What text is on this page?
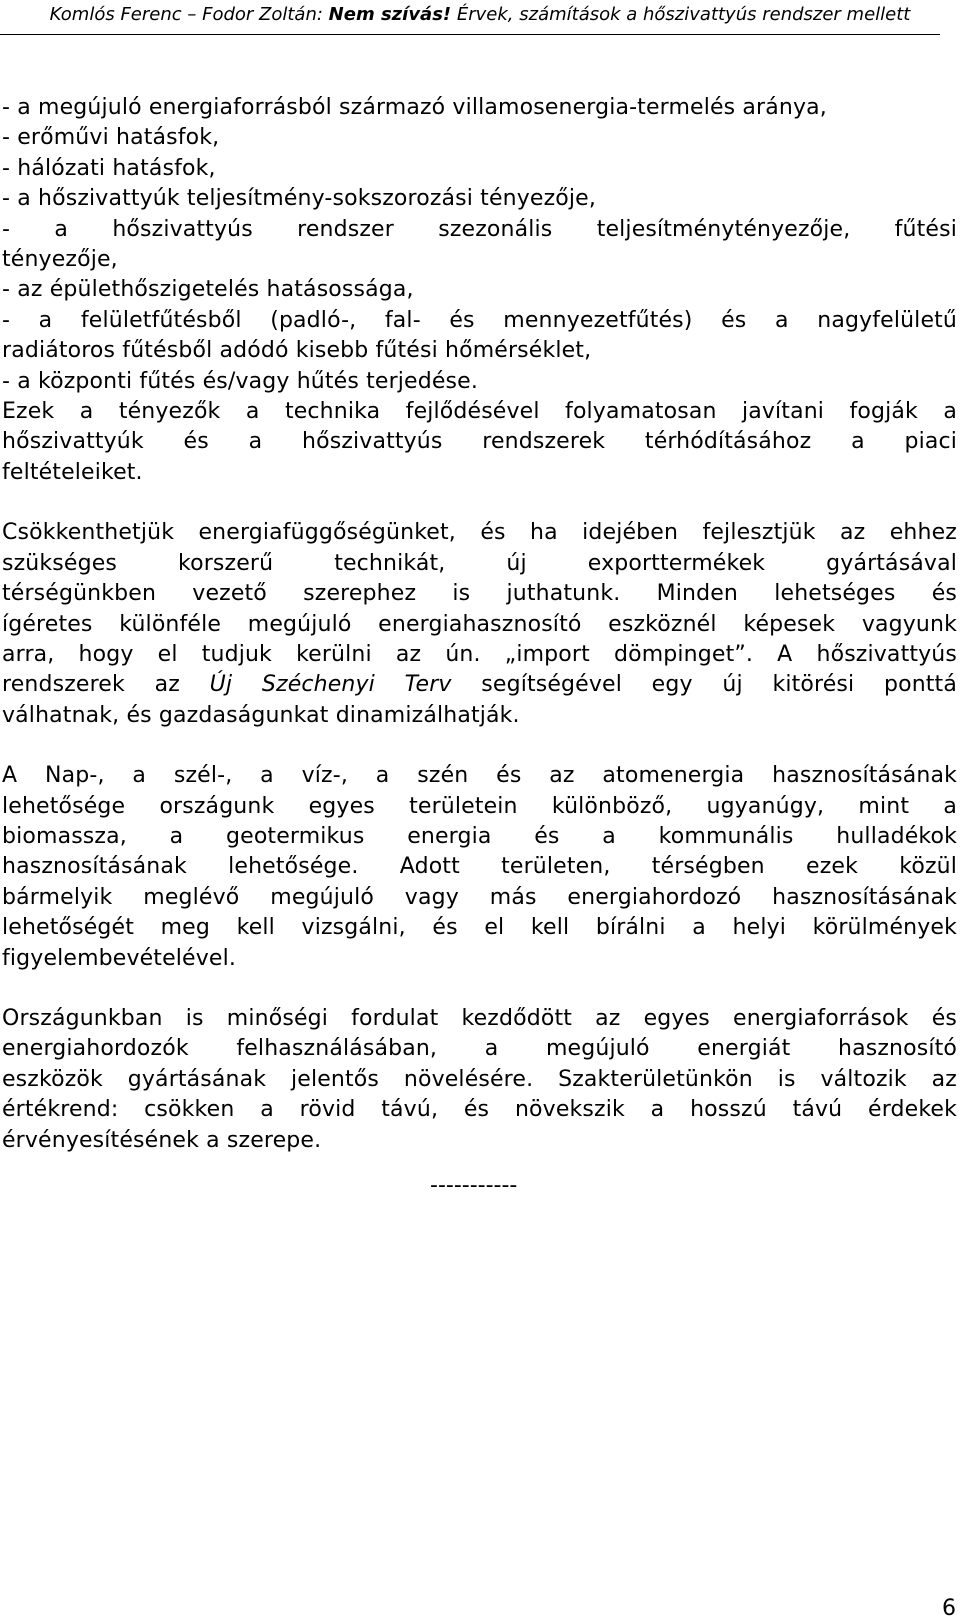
Komlós Ferenc – Fodor Zoltán: Nem szívás! Érvek, számítások a hőszivattyús rendszer mellett
- a megújuló energiaforrásból származó villamosenergia-termelés aránya,
- erőművi hatásfok,
- hálózati hatásfok,
- a hőszivattyúk teljesítmény-sokszorozási tényezője,
- a hőszivattyús rendszer szezonális teljesítménytényezője, fűtési
tényezője,
- az épülethőszigetelés hatásossága,
- a felületfűtésből (padló-, fal- és mennyezetfűtés) és a nagyfelületű
radiátoros fűtésből adódó kisebb fűtési hőmérséklet,
- a központi fűtés és/vagy hűtés terjedése.
Ezek a tényezők a technika fejlődésével folyamatosan javítani fogják a
hőszivattyúk és a hőszivattyús rendszerek térhódításához a piaci
feltételeiket.
Csökkenthetjük energiafüggőségünket, és ha idejében fejlesztjük az ehhez
szükséges korszerű technikát, új exporttermékek gyártásával
térségünkben vezető szerephez is juthatunk. Minden lehetséges és
ígéretes különféle megújuló energiahasznosító eszköznél képesek vagyunk
arra, hogy el tudjuk kerülni az ún. „import dömpinget”. A hőszivattyús
rendszerek az Új Széchenyi Terv segítségével egy új kitörési ponttá
válhatnak, és gazdaságunkat dinamizálhatják.
A Nap-, a szél-, a víz-, a szén és az atomenergia hasznosításának
lehetősége országunk egyes területein különböző, ugyanúgy, mint a
biomassza, a geotermikus energia és a kommunális hulladékok
hasznosításának lehetősége. Adott területen, térségben ezek közül
bármelyik meglévő megújuló vagy más energiahordozó hasznosításának
lehetőségét meg kell vizsgálni, és el kell bírálni a helyi körülmények
figyelembevételével.
Országunkban is minőségi fordulat kezdődött az egyes energiaforrások és
energiahordozók felhasználásában, a megújuló energiát hasznosító
eszközök gyártásának jelentős növelésére. Szakterületünkön is változik az
értékrend: csökken a rövid távú, és növekszik a hosszú távú érdekek
érvényesítésének a szerepe.
-----------
6
